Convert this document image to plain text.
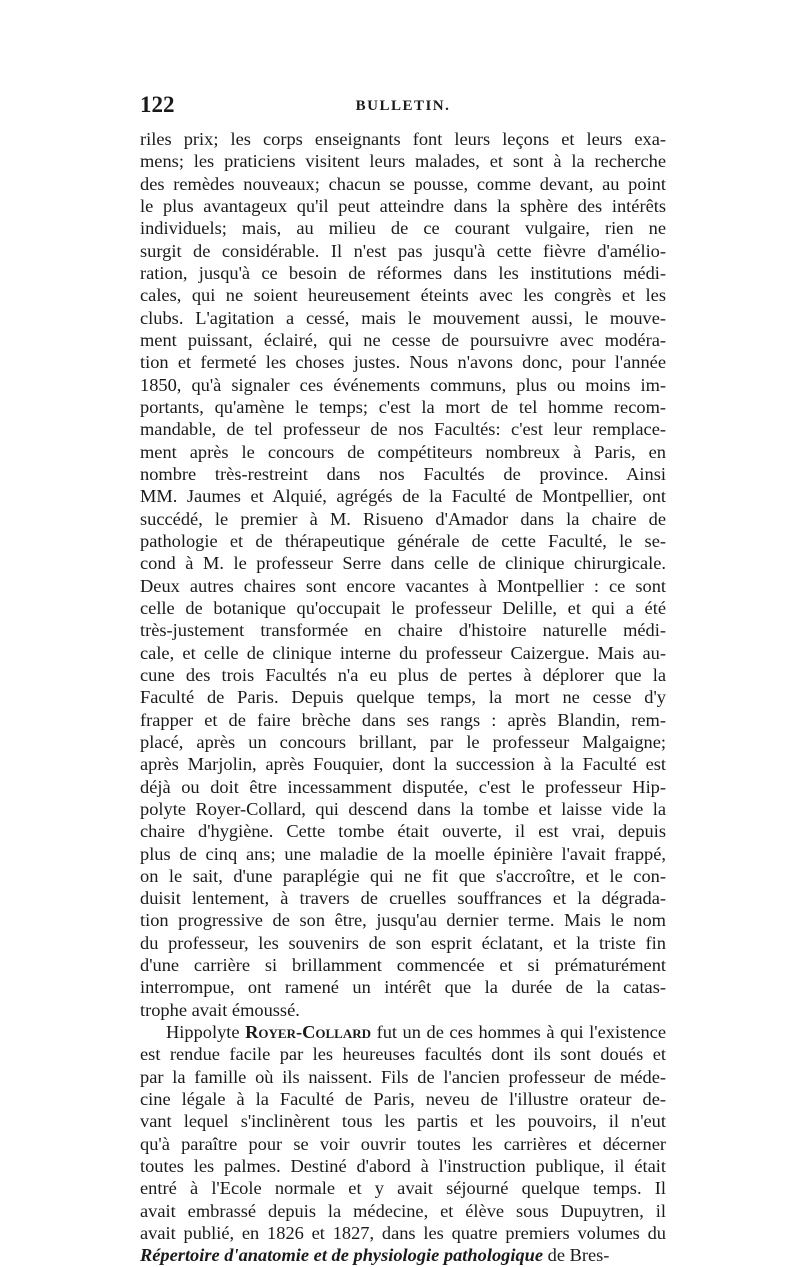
122	BULLETIN.
riles prix; les corps enseignants font leurs leçons et leurs exa-
mens; les praticiens visitent leurs malades, et sont à la recherche
des remèdes nouveaux; chacun se pousse, comme devant, au point
le plus avantageux qu'il peut atteindre dans la sphère des intérêts
individuels; mais, au milieu de ce courant vulgaire, rien ne
surgit de considérable. Il n'est pas jusqu'à cette fièvre d'amélio-
ration, jusqu'à ce besoin de réformes dans les institutions médi-
cales, qui ne soient heureusement éteints avec les congrès et les
clubs. L'agitation a cessé, mais le mouvement aussi, le mouve-
ment puissant, éclairé, qui ne cesse de poursuivre avec modéra-
tion et fermeté les choses justes. Nous n'avons donc, pour l'année
1850, qu'à signaler ces événements communs, plus ou moins im-
portants, qu'amène le temps; c'est la mort de tel homme recom-
mandable, de tel professeur de nos Facultés: c'est leur remplace-
ment après le concours de compétiteurs nombreux à Paris, en
nombre très-restreint dans nos Facultés de province. Ainsi
MM. Jaumes et Alquié, agrégés de la Faculté de Montpellier, ont
succédé, le premier à M. Risueno d'Amador dans la chaire de
pathologie et de thérapeutique générale de cette Faculté, le se-
cond à M. le professeur Serre dans celle de clinique chirurgicale.
Deux autres chaires sont encore vacantes à Montpellier : ce sont
celle de botanique qu'occupait le professeur Delille, et qui a été
très-justement transformée en chaire d'histoire naturelle médi-
cale, et celle de clinique interne du professeur Caizergue. Mais au-
cune des trois Facultés n'a eu plus de pertes à déplorer que la
Faculté de Paris. Depuis quelque temps, la mort ne cesse d'y
frapper et de faire brèche dans ses rangs : après Blandin, rem-
placé, après un concours brillant, par le professeur Malgaigne;
après Marjolin, après Fouquier, dont la succession à la Faculté est
déjà ou doit être incessamment disputée, c'est le professeur Hip-
polyte Royer-Collard, qui descend dans la tombe et laisse vide la
chaire d'hygiène. Cette tombe était ouverte, il est vrai, depuis
plus de cinq ans; une maladie de la moelle épinière l'avait frappé,
on le sait, d'une paraplégie qui ne fit que s'accroître, et le con-
duisit lentement, à travers de cruelles souffrances et la dégrada-
tion progressive de son être, jusqu'au dernier terme. Mais le nom
du professeur, les souvenirs de son esprit éclatant, et la triste fin
d'une carrière si brillamment commencée et si prématurément
interrompue, ont ramené un intérêt que la durée de la catas-
trophe avait émoussé.
Hippolyte Royer-Collard fut un de ces hommes à qui l'existence
est rendue facile par les heureuses facultés dont ils sont doués et
par la famille où ils naissent. Fils de l'ancien professeur de méde-
cine légale à la Faculté de Paris, neveu de l'illustre orateur de-
vant lequel s'inclinèrent tous les partis et les pouvoirs, il n'eut
qu'à paraître pour se voir ouvrir toutes les carrières et décerner
toutes les palmes. Destiné d'abord à l'instruction publique, il était
entré à l'Ecole normale et y avait séjourné quelque temps. Il
avait embrassé depuis la médecine, et élève sous Dupuytren, il
avait publié, en 1826 et 1827, dans les quatre premiers volumes du
Répertoire d'anatomie et de physiologie pathologique de Bres-
